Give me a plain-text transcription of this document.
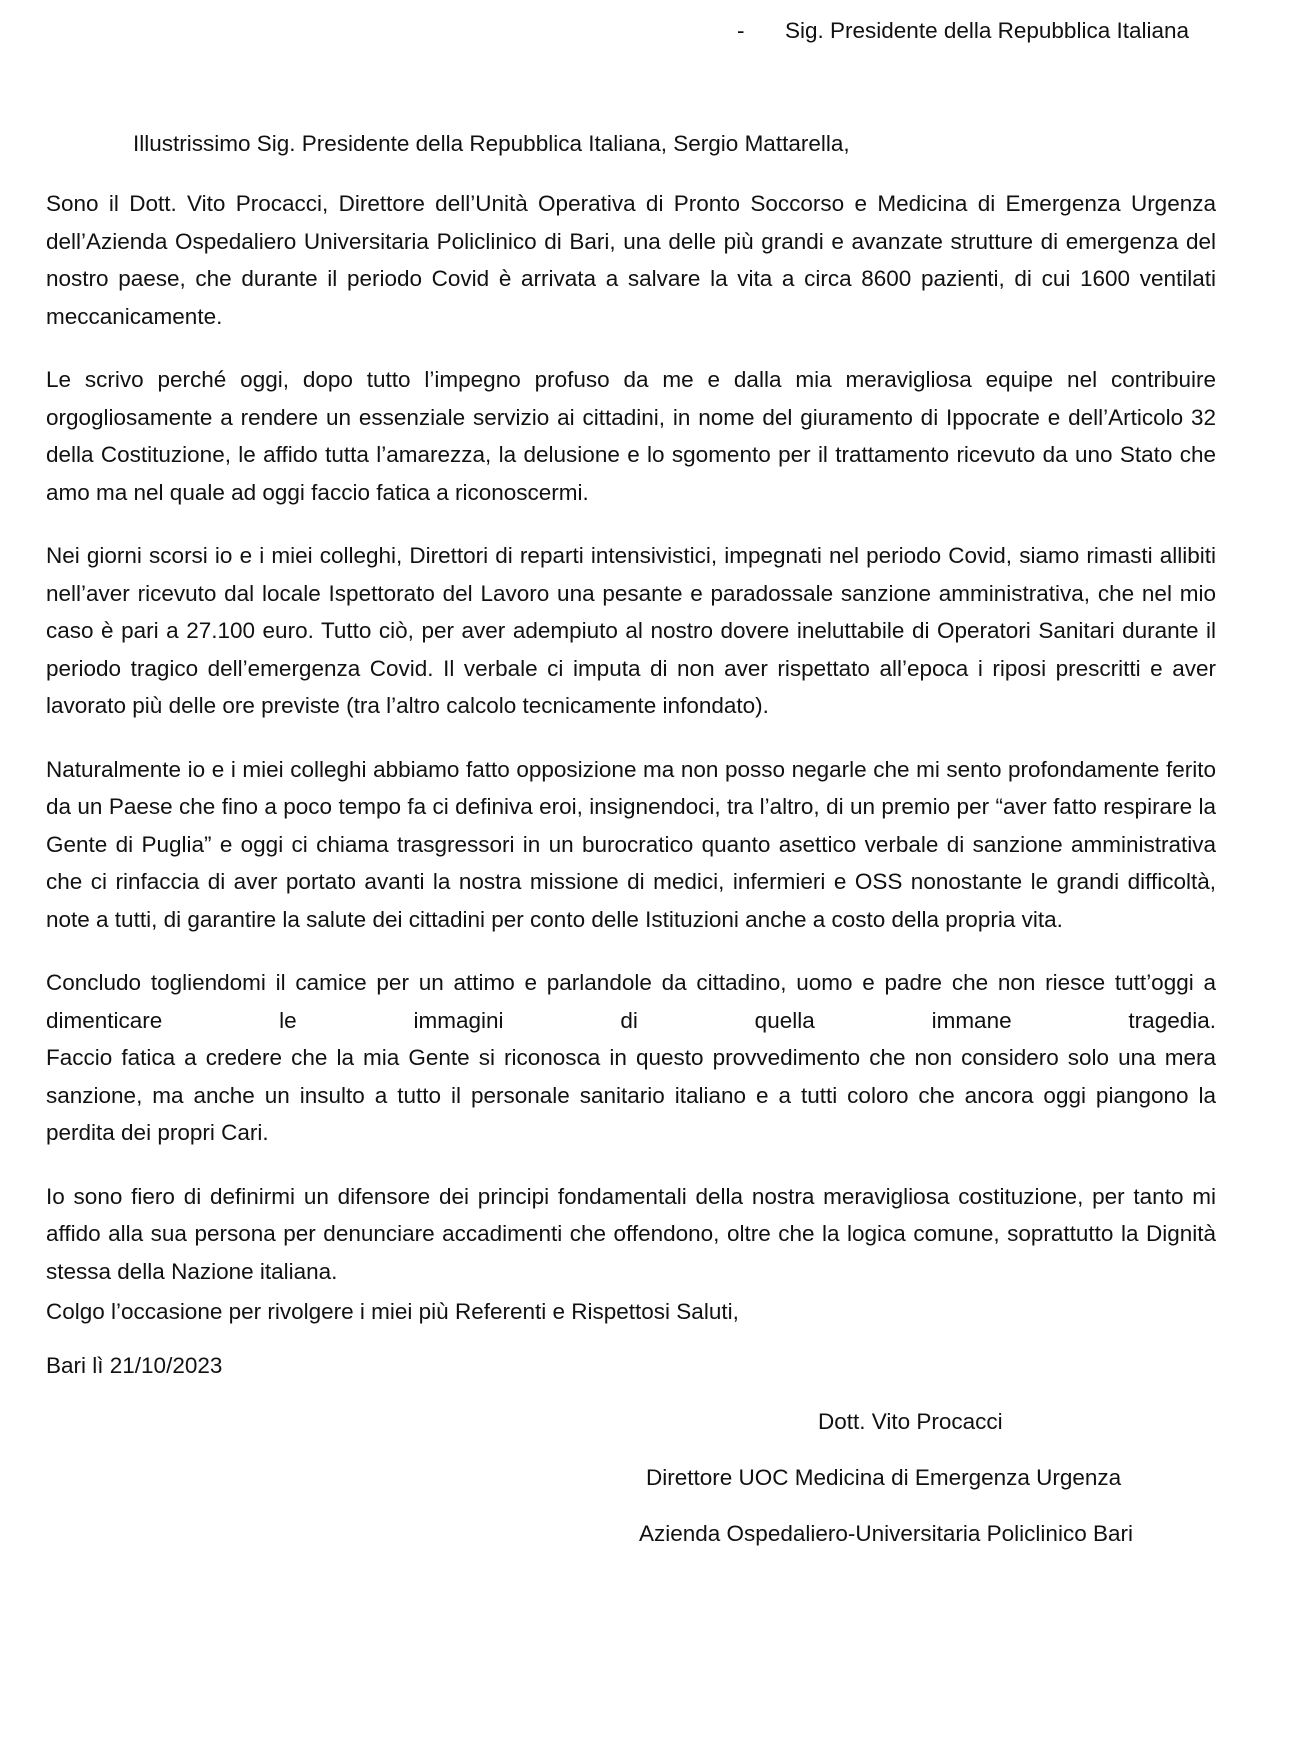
- Sig. Presidente della Repubblica Italiana
Illustrissimo Sig. Presidente della Repubblica Italiana, Sergio Mattarella,

Sono il Dott. Vito Procacci, Direttore dell’Unità Operativa di Pronto Soccorso e Medicina di Emergenza Urgenza dell’Azienda Ospedaliero Universitaria Policlinico di Bari, una delle più grandi e avanzate strutture di emergenza del nostro paese, che durante il periodo Covid è arrivata a salvare la vita a circa 8600 pazienti, di cui 1600 ventilati meccanicamente.

Le scrivo perché oggi, dopo tutto l’impegno profuso da me e dalla mia meravigliosa equipe nel contribuire orgogliosamente a rendere un essenziale servizio ai cittadini, in nome del giuramento di Ippocrate e dell’Articolo 32 della Costituzione, le affido tutta l’amarezza, la delusione e lo sgomento per il trattamento ricevuto da uno Stato che amo ma nel quale ad oggi faccio fatica a riconoscermi.

Nei giorni scorsi io e i miei colleghi, Direttori di reparti intensivistici, impegnati nel periodo Covid, siamo rimasti allibiti nell’aver ricevuto dal locale Ispettorato del Lavoro una pesante e paradossale sanzione amministrativa, che nel mio caso è pari a 27.100 euro. Tutto ciò, per aver adempiuto al nostro dovere ineluttabile di Operatori Sanitari durante il periodo tragico dell’emergenza Covid. Il verbale ci imputa di non aver rispettato all’epoca i riposi prescritti e aver lavorato più delle ore previste (tra l’altro calcolo tecnicamente infondato).

Naturalmente io e i miei colleghi abbiamo fatto opposizione ma non posso negarle che mi sento profondamente ferito da un Paese che fino a poco tempo fa ci definiva eroi, insignendoci, tra l’altro, di un premio per “aver fatto respirare la Gente di Puglia” e oggi ci chiama trasgressori in un burocratico quanto asettico verbale di sanzione amministrativa che ci rinfaccia di aver portato avanti la nostra missione di medici, infermieri e OSS nonostante le grandi difficoltà, note a tutti, di garantire la salute dei cittadini per conto delle Istituzioni anche a costo della propria vita.

Concludo togliendomi il camice per un attimo e parlandole da cittadino, uomo e padre che non riesce tutt’oggi a dimenticare le immagini di quella immane tragedia.

Faccio fatica a credere che la mia Gente si riconosca in questo provvedimento che non considero solo una mera sanzione, ma anche un insulto a tutto il personale sanitario italiano e a tutti coloro che ancora oggi piangono la perdita dei propri Cari.

Io sono fiero di definirmi un difensore dei principi fondamentali della nostra meravigliosa costituzione, per tanto mi affido alla sua persona per denunciare accadimenti che offendono, oltre che la logica comune, soprattutto la Dignità stessa della Nazione italiana.

Colgo l’occasione per rivolgere i miei più Referenti e Rispettosi Saluti,
Bari lì 21/10/2023
Dott. Vito Procacci
Direttore UOC Medicina di Emergenza Urgenza
Azienda Ospedaliero-Universitaria Policlinico Bari
